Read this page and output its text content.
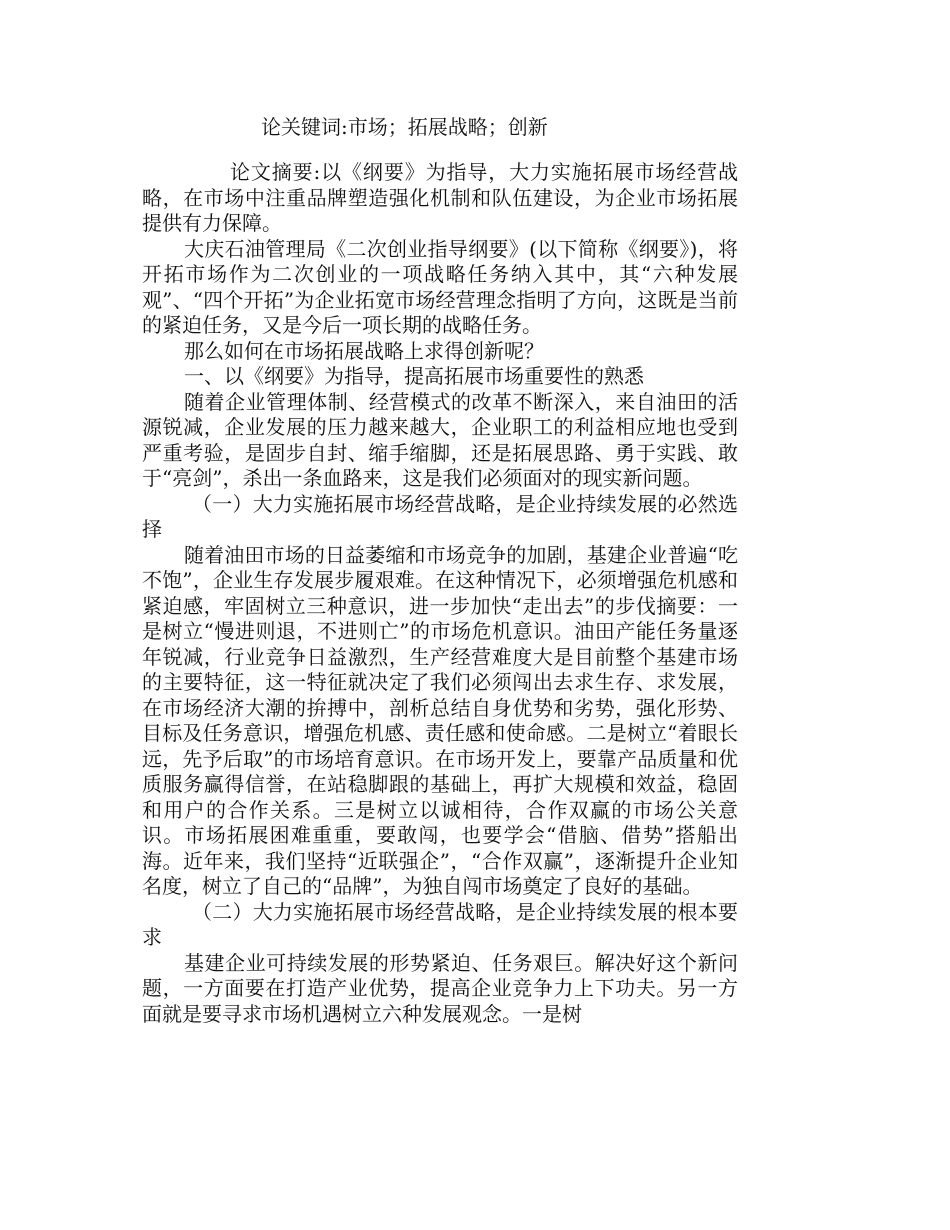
论关键词:市场；拓展战略；创新

论文摘要:以《纲要》为指导，大力实施拓展市场经营战略，在市场中注重品牌塑造强化机制和队伍建设，为企业市场拓展提供有力保障。

大庆石油管理局《二次创业指导纲要》(以下简称《纲要》)，将开拓市场作为二次创业的一项战略任务纳入其中，其“六种发展观”、“四个开拓”为企业拓宽市场经营理念指明了方向，这既是当前的紧迫任务，又是今后一项长期的战略任务。

那么如何在市场拓展战略上求得创新呢？

一、以《纲要》为指导，提高拓展市场重要性的熟悉

随着企业管理体制、经营模式的改革不断深入，来自油田的活源锐减，企业发展的压力越来越大，企业职工的利益相应地也受到严重考验，是固步自封、缩手缩脚，还是拓展思路、勇于实践、敢于“亮剑”，杀出一条血路来，这是我们必须面对的现实新问题。

（一）大力实施拓展市场经营战略，是企业持续发展的必然选择

随着油田市场的日益萎缩和市场竞争的加剧，基建企业普遍“吃不饱”，企业生存发展步履艰难。在这种情况下，必须增强危机感和紧迫感，牢固树立三种意识，进一步加快“走出去”的步伐摘要：一是树立“慢进则退，不进则亡”的市场危机意识。油田产能任务量逐年锐减，行业竞争日益激烈，生产经营难度大是目前整个基建市场的主要特征，这一特征就决定了我们必须闯出去求生存、求发展，在市场经济大潮的拚搏中，剖析总结自身优势和劣势，强化形势、目标及任务意识，增强危机感、责任感和使命感。二是树立“着眼长远，先予后取”的市场培育意识。在市场开发上，要靠产品质量和优质服务赢得信誉，在站稳脚跟的基础上，再扩大规模和效益，稳固和用户的合作关系。三是树立以诚相待，合作双赢的市场公关意识。市场拓展困难重重，要敢闯，也要学会“借脑、借势”搭船出海。近年来，我们坚持“近联强企”，“合作双赢”，逐渐提升企业知名度，树立了自己的“品牌”，为独自闯市场奠定了良好的基础。

（二）大力实施拓展市场经营战略，是企业持续发展的根本要求

基建企业可持续发展的形势紧迫、任务艰巨。解决好这个新问题，一方面要在打造产业优势，提高企业竞争力上下功夫。另一方面就是要寻求市场机遇树立六种发展观念。一是树
